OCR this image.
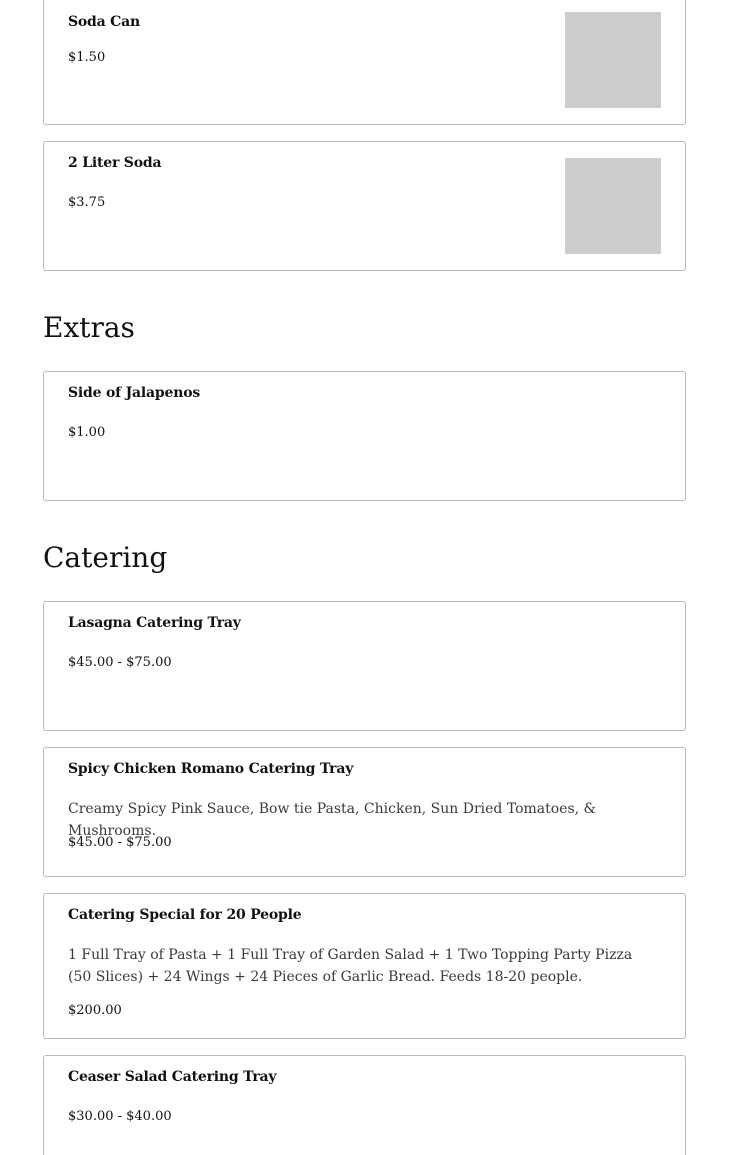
Soda Can
$1.50
2 Liter Soda
$3.75
Extras
Side of Jalapenos
$1.00
Catering
Lasagna Catering Tray
$45.00 - $75.00
Spicy Chicken Romano Catering Tray
Creamy Spicy Pink Sauce, Bow tie Pasta, Chicken, Sun Dried Tomatoes, & Mushrooms.
$45.00 - $75.00
Catering Special for 20 People
1 Full Tray of Pasta + 1 Full Tray of Garden Salad + 1 Two Topping Party Pizza (50 Slices) + 24 Wings + 24 Pieces of Garlic Bread. Feeds 18-20 people.
$200.00
Ceaser Salad Catering Tray
$30.00 - $40.00
